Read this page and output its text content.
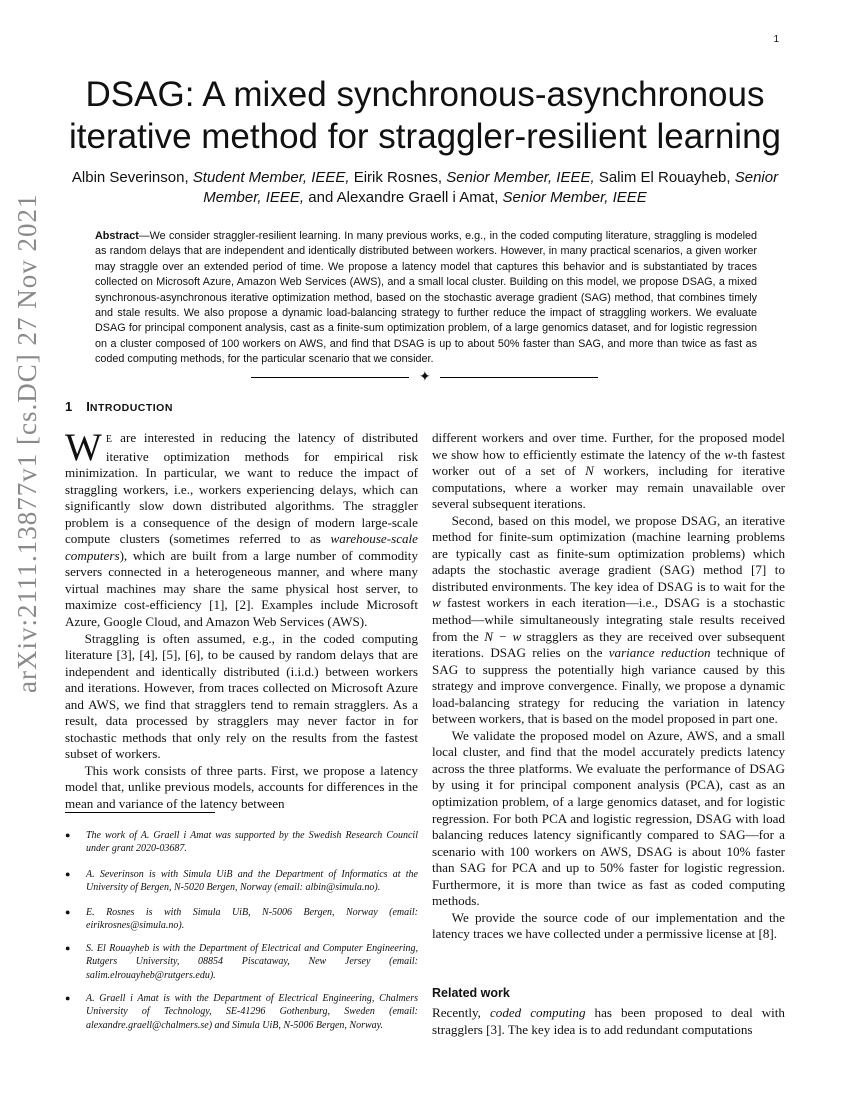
1
arXiv:2111.13877v1 [cs.DC] 27 Nov 2021
DSAG: A mixed synchronous-asynchronous iterative method for straggler-resilient learning
Albin Severinson, Student Member, IEEE, Eirik Rosnes, Senior Member, IEEE, Salim El Rouayheb, Senior Member, IEEE, and Alexandre Graell i Amat, Senior Member, IEEE
Abstract—We consider straggler-resilient learning. In many previous works, e.g., in the coded computing literature, straggling is modeled as random delays that are independent and identically distributed between workers. However, in many practical scenarios, a given worker may straggle over an extended period of time. We propose a latency model that captures this behavior and is substantiated by traces collected on Microsoft Azure, Amazon Web Services (AWS), and a small local cluster. Building on this model, we propose DSAG, a mixed synchronous-asynchronous iterative optimization method, based on the stochastic average gradient (SAG) method, that combines timely and stale results. We also propose a dynamic load-balancing strategy to further reduce the impact of straggling workers. We evaluate DSAG for principal component analysis, cast as a finite-sum optimization problem, of a large genomics dataset, and for logistic regression on a cluster composed of 100 workers on AWS, and find that DSAG is up to about 50% faster than SAG, and more than twice as fast as coded computing methods, for the particular scenario that we consider.
✦
1 INTRODUCTION

W E are interested in reducing the latency of distributed iterative optimization methods for empirical risk minimization. In particular, we want to reduce the impact of straggling workers, i.e., workers experiencing delays, which can significantly slow down distributed algorithms. The straggler problem is a consequence of the design of modern large-scale compute clusters (sometimes referred to as warehouse-scale computers), which are built from a large number of commodity servers connected in a heterogeneous manner, and where many virtual machines may share the same physical host server, to maximize cost-efficiency [1], [2]. Examples include Microsoft Azure, Google Cloud, and Amazon Web Services (AWS).

Straggling is often assumed, e.g., in the coded computing literature [3], [4], [5], [6], to be caused by random delays that are independent and identically distributed (i.i.d.) between workers and iterations. However, from traces collected on Microsoft Azure and AWS, we find that stragglers tend to remain stragglers. As a result, data processed by stragglers may never factor in for stochastic methods that only rely on the results from the fastest subset of workers.

This work consists of three parts. First, we propose a latency model that, unlike previous models, accounts for differences in the mean and variance of the latency between

● The work of A. Graell i Amat was supported by the Swedish Research Council under grant 2020-03687.
● A. Severinson is with Simula UiB and the Department of Informatics at the University of Bergen, N-5020 Bergen, Norway (email: albin@simula.no).
● E. Rosnes is with Simula UiB, N-5006 Bergen, Norway (email: eirikrosnes@simula.no).
● S. El Rouayheb is with the Department of Electrical and Computer Engineering, Rutgers University, 08854 Piscataway, New Jersey (email: salim.elrouayheb@rutgers.edu).
● A. Graell i Amat is with the Department of Electrical Engineering, Chalmers University of Technology, SE-41296 Gothenburg, Sweden (email: alexandre.graell@chalmers.se) and Simula UiB, N-5006 Bergen, Norway.

different workers and over time. Further, for the proposed model we show how to efficiently estimate the latency of the w-th fastest worker out of a set of N workers, including for iterative computations, where a worker may remain unavailable over several subsequent iterations.

Second, based on this model, we propose DSAG, an iterative method for finite-sum optimization (machine learning problems are typically cast as finite-sum optimization problems) which adapts the stochastic average gradient (SAG) method [7] to distributed environments. The key idea of DSAG is to wait for the w fastest workers in each iteration—i.e., DSAG is a stochastic method—while simultaneously integrating stale results received from the N − w stragglers as they are received over subsequent iterations. DSAG relies on the variance reduction technique of SAG to suppress the potentially high variance caused by this strategy and improve convergence. Finally, we propose a dynamic load-balancing strategy for reducing the variation in latency between workers, that is based on the model proposed in part one.

We validate the proposed model on Azure, AWS, and a small local cluster, and find that the model accurately predicts latency across the three platforms. We evaluate the performance of DSAG by using it for principal component analysis (PCA), cast as an optimization problem, of a large genomics dataset, and for logistic regression. For both PCA and logistic regression, DSAG with load balancing reduces latency significantly compared to SAG—for a scenario with 100 workers on AWS, DSAG is about 10% faster than SAG for PCA and up to 50% faster for logistic regression. Furthermore, it is more than twice as fast as coded computing methods.

We provide the source code of our implementation and the latency traces we have collected under a permissive license at [8].

Related work

Recently, coded computing has been proposed to deal with stragglers [3]. The key idea is to add redundant computations
